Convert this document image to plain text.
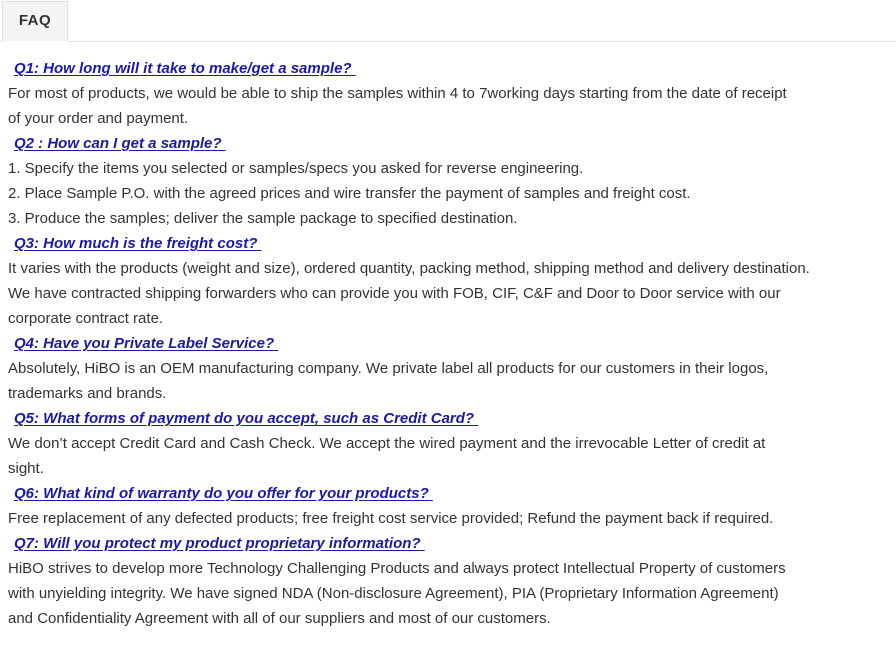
FAQ
Q1: How long will it take to make/get a sample?
For most of products, we would be able to ship the samples within 4 to 7working days starting from the date of receipt
of your order and payment.
Q2 : How can I get a sample?
1. Specify the items you selected or samples/specs you asked for reverse engineering.
2. Place Sample P.O. with the agreed prices and wire transfer the payment of samples and freight cost.
3. Produce the samples; deliver the sample package to specified destination.
Q3: How much is the freight cost?
It varies with the products (weight and size), ordered quantity, packing method, shipping method and delivery destination.
We have contracted shipping forwarders who can provide you with FOB, CIF, C&F and Door to Door service with our
corporate contract rate.
Q4: Have you Private Label Service?
Absolutely, HiBO is an OEM manufacturing company. We private label all products for our customers in their logos,
trademarks and brands.
Q5: What forms of payment do you accept, such as Credit Card?
We don’t accept Credit Card and Cash Check. We accept the wired payment and the irrevocable Letter of credit at
sight.
Q6: What kind of warranty do you offer for your products?
Free replacement of any defected products; free freight cost service provided; Refund the payment back if required.
Q7: Will you protect my product proprietary information?
HiBO strives to develop more Technology Challenging Products and always protect Intellectual Property of customers
with unyielding integrity. We have signed NDA (Non-disclosure Agreement), PIA (Proprietary Information Agreement)
and Confidentiality Agreement with all of our suppliers and most of our customers.
